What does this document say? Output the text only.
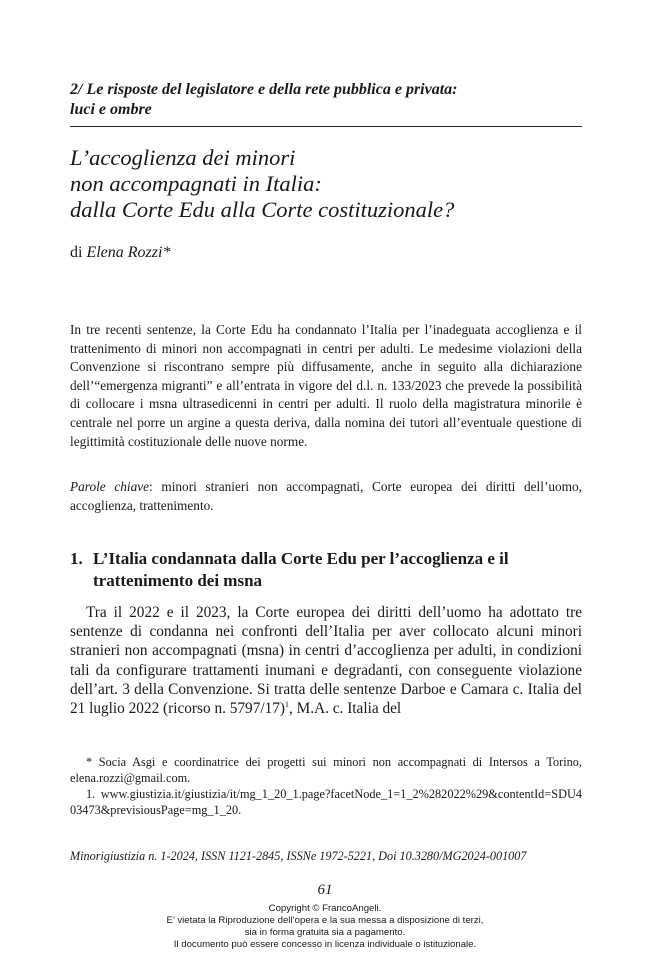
2/ Le risposte del legislatore e della rete pubblica e privata:
luci e ombre
L’accoglienza dei minori
non accompagnati in Italia:
dalla Corte Edu alla Corte costituzionale?
di Elena Rozzi*

In tre recenti sentenze, la Corte Edu ha condannato l’Italia per l’inadeguata accoglienza e il trattenimento di minori non accompagnati in centri per adulti. Le medesime violazioni della Convenzione si riscontrano sempre più diffusamente, anche in seguito alla dichiarazione dell’“emergenza migranti” e all’entrata in vigore del d.l. n. 133/2023 che prevede la possibilità di collocare i msna ultrasedicenni in centri per adulti. Il ruolo della magistratura minorile è centrale nel porre un argine a questa deriva, dalla nomina dei tutori all’eventuale questione di legittimità costituzionale delle nuove norme.

Parole chiave: minori stranieri non accompagnati, Corte europea dei diritti dell’uomo, accoglienza, trattenimento.

1. L’Italia condannata dalla Corte Edu per l’accoglienza e il
trattenimento dei msna

Tra il 2022 e il 2023, la Corte europea dei diritti dell’uomo ha adottato tre sentenze di condanna nei confronti dell’Italia per aver collocato alcuni minori stranieri non accompagnati (msna) in centri d’accoglienza per adulti, in condizioni tali da configurare trattamenti inumani e degradanti, con conseguente violazione dell’art. 3 della Convenzione. Si tratta delle sentenze Darboe e Camara c. Italia del 21 luglio 2022 (ricorso n. 5797/17)$^1$, M.A. c. Italia del

* Socia Asgi e coordinatrice dei progetti sui minori non accompagnati di Intersos a Torino, elena.rozzi@gmail.com.

1. www.giustizia.it/giustizia/it/mg_1_20_1.page?facetNode_1=1_2%282022%29&contentId=SDU403473&previsiousPage=mg_1_20.

Minorigiustizia n. 1-2024, ISSN 1121-2845, ISSNe 1972-5221, Doi 10.3280/MG2024-001007
61
Copyright © FrancoAngeli.
E’ vietata la Riproduzione dell’opera e la sua messa a disposizione di terzi,
sia in forma gratuita sia a pagamento.
Il documento può essere concesso in licenza individuale o istituzionale.
